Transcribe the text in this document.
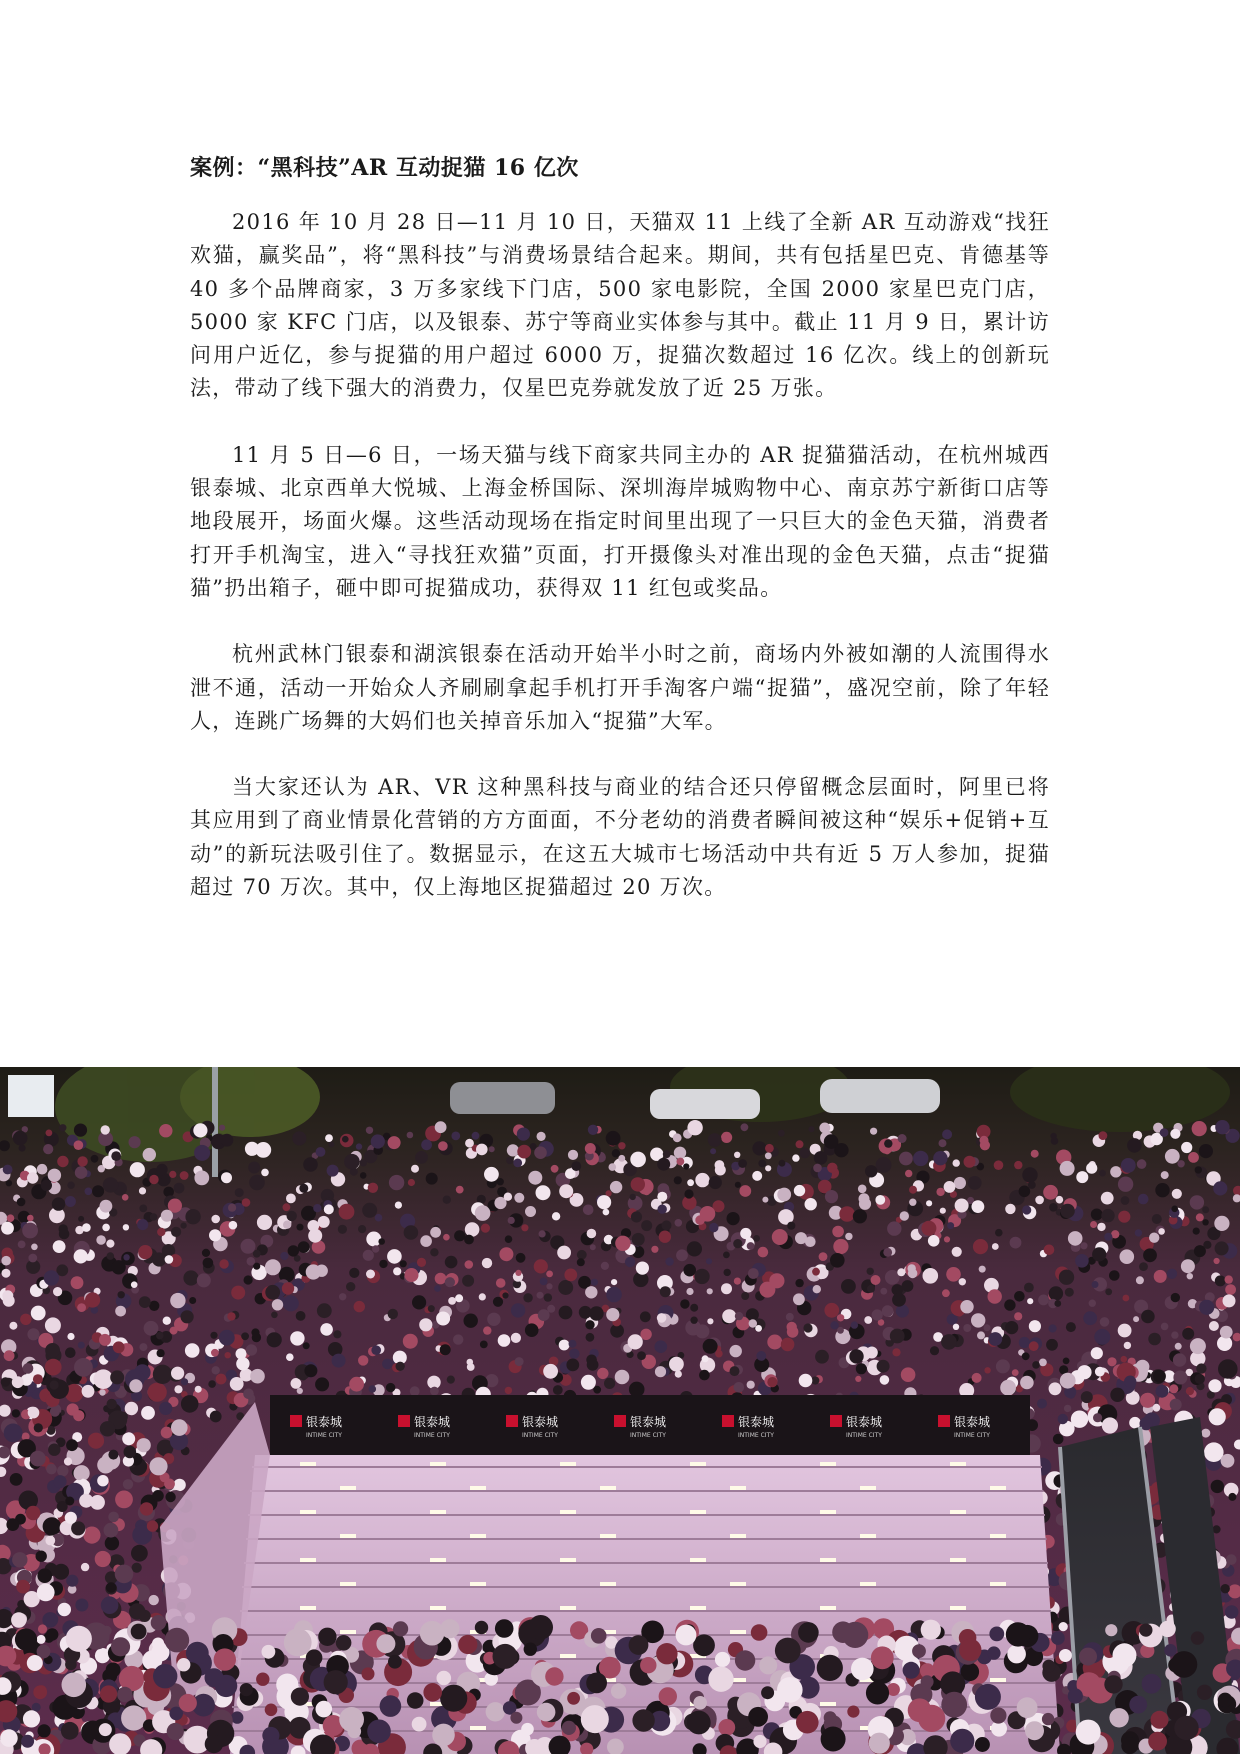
案例：“黑科技”AR 互动捉猫 16 亿次

2016 年 10 月 28 日—11 月 10 日，天猫双 11 上线了全新 AR 互动游戏“找狂欢猫，赢奖品”，将“黑科技”与消费场景结合起来。期间，共有包括星巴克、肯德基等 40 多个品牌商家，3 万多家线下门店，500 家电影院，全国 2000 家星巴克门店，5000 家 KFC 门店，以及银泰、苏宁等商业实体参与其中。截止 11 月 9 日，累计访问用户近亿，参与捉猫的用户超过 6000 万，捉猫次数超过 16 亿次。线上的创新玩法，带动了线下强大的消费力，仅星巴克券就发放了近 25 万张。

11 月 5 日—6 日，一场天猫与线下商家共同主办的 AR 捉猫猫活动，在杭州城西银泰城、北京西单大悦城、上海金桥国际、深圳海岸城购物中心、南京苏宁新街口店等地段展开，场面火爆。这些活动现场在指定时间里出现了一只巨大的金色天猫，消费者打开手机淘宝，进入“寻找狂欢猫”页面，打开摄像头对准出现的金色天猫，点击“捉猫猫”扔出箱子，砸中即可捉猫成功，获得双 11 红包或奖品。

杭州武林门银泰和湖滨银泰在活动开始半小时之前，商场内外被如潮的人流围得水泄不通，活动一开始众人齐刷刷拿起手机打开手淘客户端“捉猫”，盛况空前，除了年轻人，连跳广场舞的大妈们也关掉音乐加入“捉猫”大军。

当大家还认为 AR、VR 这种黑科技与商业的结合还只停留概念层面时，阿里已将其应用到了商业情景化营销的方方面面，不分老幼的消费者瞬间被这种“娱乐+促销+互动”的新玩法吸引住了。数据显示，在这五大城市七场活动中共有近 5 万人参加，捉猫超过 70 万次。其中，仅上海地区捉猫超过 20 万次。

银泰城
INTIME CITY
银泰城
INTIME CITY
银泰城
INTIME CITY
银泰城
INTIME CITY
银泰城
INTIME CITY
银泰城
INTIME CITY
银泰城
INTIME CITY
